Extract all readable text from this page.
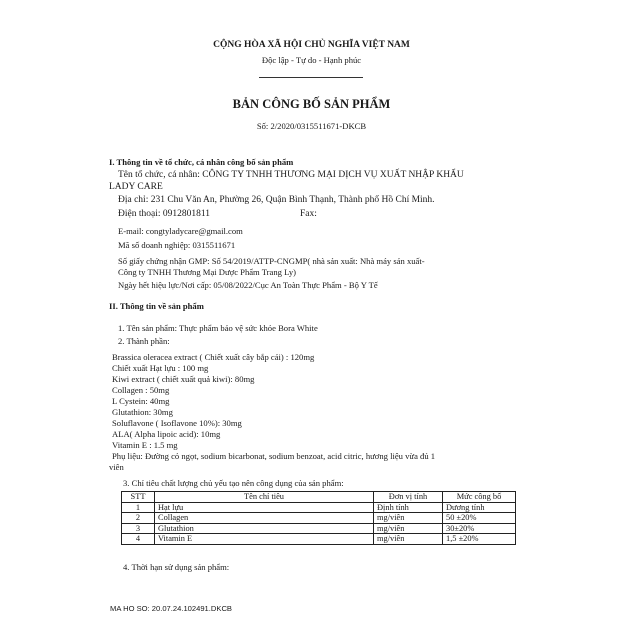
CỘNG HÒA XÃ HỘI CHỦ NGHĨA VIỆT NAM
Độc lập - Tự do - Hạnh phúc
BẢN CÔNG BỐ SẢN PHẨM
Số: 2/2020/0315511671-DKCB
I. Thông tin về tổ chức, cá nhân công bố sản phẩm
Tên tổ chức, cá nhân: CÔNG TY TNHH THƯƠNG MẠI DỊCH VỤ XUẤT NHẬP KHẨU
LADY CARE
Địa chỉ: 231 Chu Văn An, Phường 26, Quận Bình Thạnh, Thành phố Hồ Chí Minh.
Điện thoại: 0912801811	Fax:
E-mail: congtyladycare@gmail.com
Mã số doanh nghiệp: 0315511671
Số giấy chứng nhận GMP: Số 54/2019/ATTP-CNGMP( nhà sản xuất: Nhà máy sản xuất-
Công ty TNHH Thương Mại Dược Phẩm Trang Ly)
Ngày hết hiệu lực/Nơi cấp: 05/08/2022/Cục An Toàn Thực Phẩm - Bộ Y Tế
II. Thông tin về sản phẩm
1. Tên sản phẩm: Thực phẩm bảo vệ sức khỏe Bora White
2. Thành phần:
Brassica oleracea extract ( Chiết xuất cây bắp cải) : 120mg
Chiết xuất Hạt lựu : 100 mg
Kiwi extract ( chiết xuất quả kiwi): 80mg
Collagen : 50mg
L Cystein: 40mg
Glutathion: 30mg
Soluflavone ( Isoflavone 10%): 30mg
ALA( Alpha lipoic acid): 10mg
Vitamin E : 1.5 mg
Phụ liệu: Đường cỏ ngọt, sodium bicarbonat, sodium benzoat, acid citric, hương liệu vừa đủ 1
viên
3. Chỉ tiêu chất lượng chủ yếu tạo nên công dụng của sản phẩm:
STT	Tên chỉ tiêu	Đơn vị tính	Mức công bố
1	Hạt lựu	Định tính	Dương tính
2	Collagen	mg/viên	50 ±20%
3	Glutathion	mg/viên	30±20%
4	Vitamin E	mg/viên	1,5 ±20%
4. Thời hạn sử dụng sản phẩm:
MA HO SO: 20.07.24.102491.DKCB
